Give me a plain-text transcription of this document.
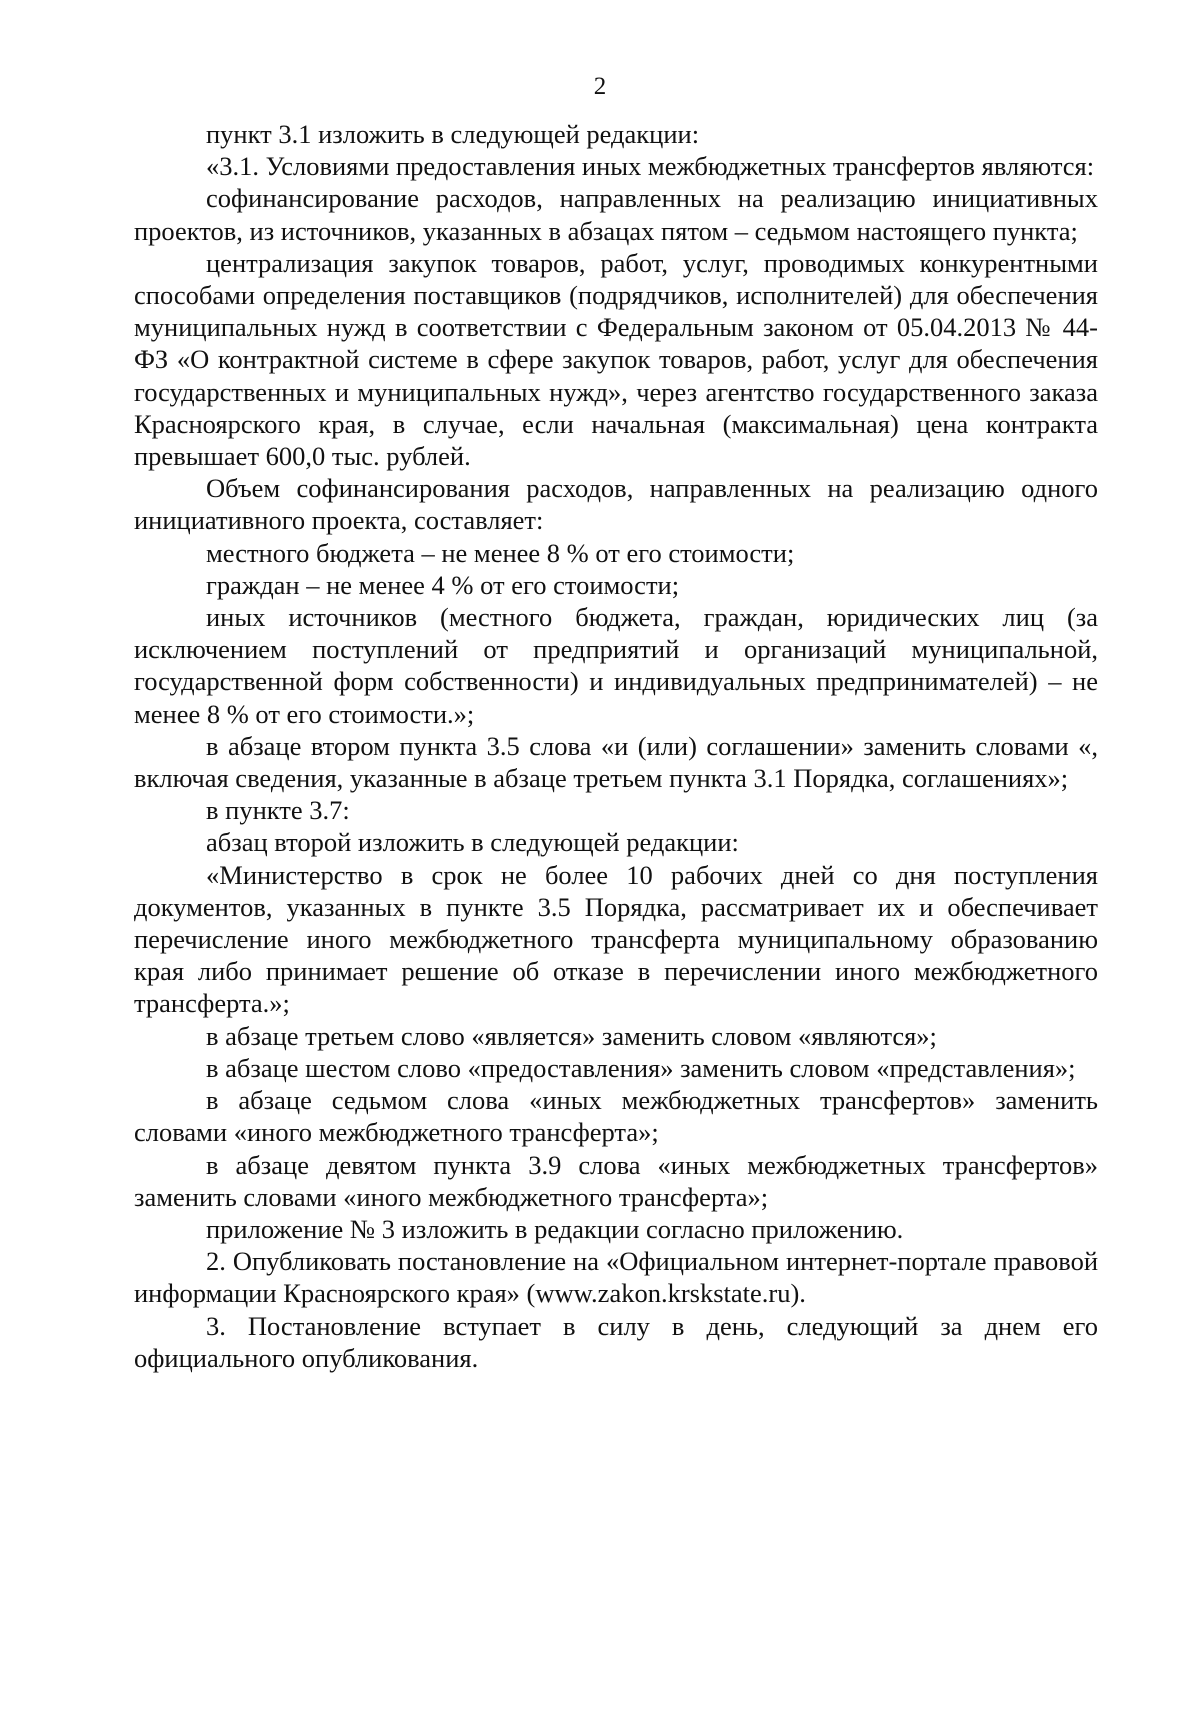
2

пункт 3.1 изложить в следующей редакции:

«3.1. Условиями предоставления иных межбюджетных трансфертов являются:

софинансирование расходов, направленных на реализацию инициативных проектов, из источников, указанных в абзацах пятом – седьмом настоящего пункта;

централизация закупок товаров, работ, услуг, проводимых конкурентными способами определения поставщиков (подрядчиков, исполнителей) для обеспечения муниципальных нужд в соответствии с Федеральным законом от 05.04.2013 № 44-ФЗ «О контрактной системе в сфере закупок товаров, работ, услуг для обеспечения государственных и муниципальных нужд», через агентство государственного заказа Красноярского края, в случае, если начальная (максимальная) цена контракта превышает 600,0 тыс. рублей.

Объем софинансирования расходов, направленных на реализацию одного инициативного проекта, составляет:

местного бюджета – не менее 8 % от его стоимости;

граждан – не менее 4 % от его стоимости;

иных источников (местного бюджета, граждан, юридических лиц (за исключением поступлений от предприятий и организаций муниципальной, государственной форм собственности) и индивидуальных предпринимателей) – не менее 8 % от его стоимости.»;

в абзаце втором пункта 3.5 слова «и (или) соглашении» заменить словами «, включая сведения, указанные в абзаце третьем пункта 3.1 Порядка, соглашениях»;

в пункте 3.7:

абзац второй изложить в следующей редакции:

«Министерство в срок не более 10 рабочих дней со дня поступления документов, указанных в пункте 3.5 Порядка, рассматривает их и обеспечивает перечисление иного межбюджетного трансферта муниципальному образованию края либо принимает решение об отказе в перечислении иного межбюджетного трансферта.»;

в абзаце третьем слово «является» заменить словом «являются»;

в абзаце шестом слово «предоставления» заменить словом «представления»;

в абзаце седьмом слова «иных межбюджетных трансфертов» заменить словами «иного межбюджетного трансферта»;

в абзаце девятом пункта 3.9 слова «иных межбюджетных трансфертов» заменить словами «иного межбюджетного трансферта»;

приложение № 3 изложить в редакции согласно приложению.

2. Опубликовать постановление на «Официальном интернет-портале правовой информации Красноярского края» (www.zakon.krskstate.ru).

3. Постановление вступает в силу в день, следующий за днем его официального опубликования.
